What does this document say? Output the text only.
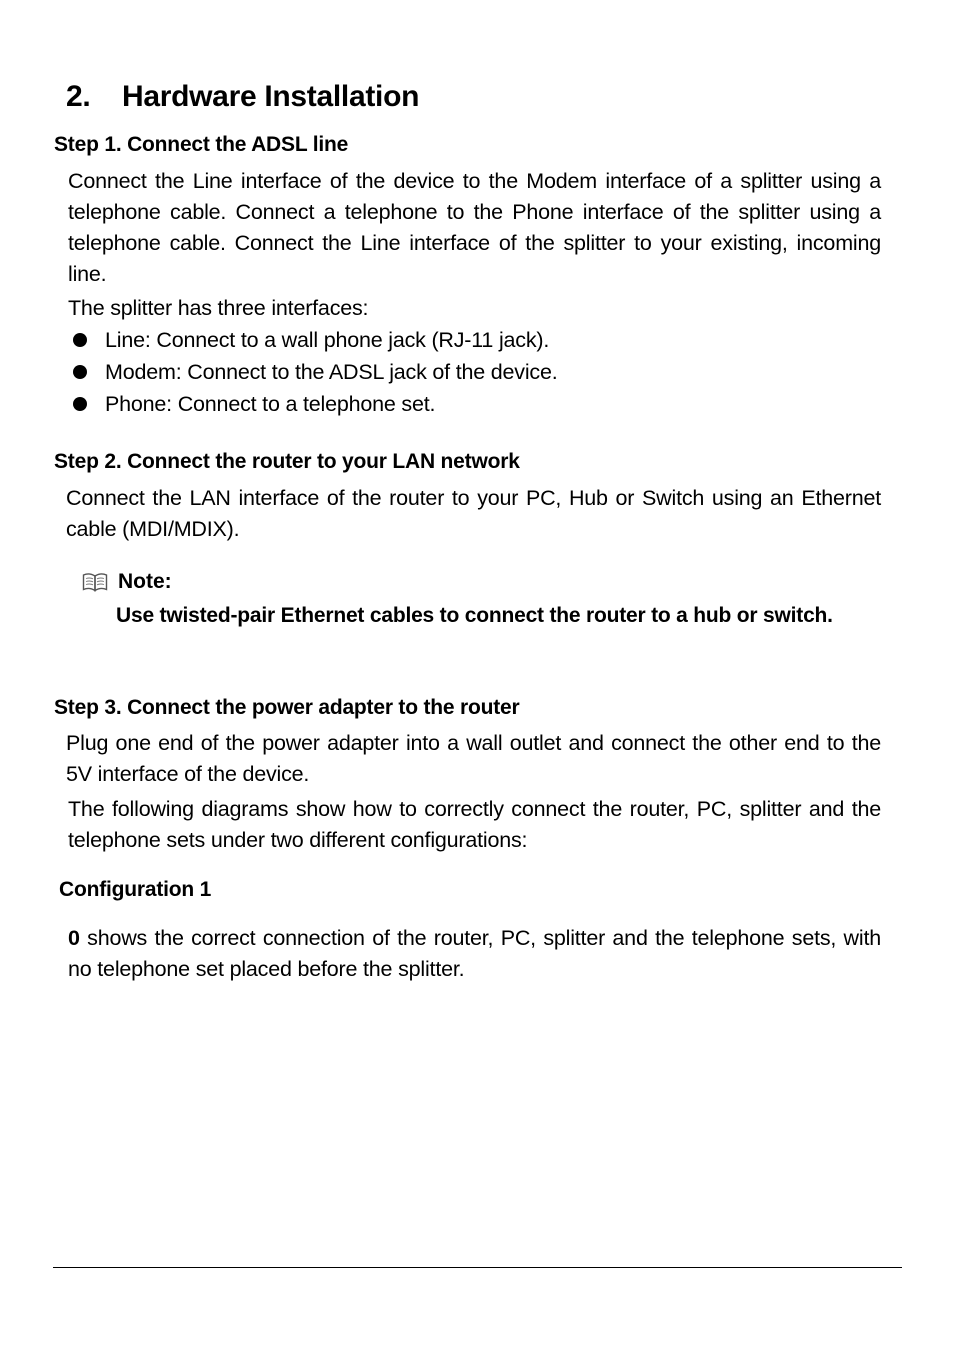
2. Hardware Installation
Step 1. Connect the ADSL line

Connect the Line interface of the device to the Modem interface of a splitter using a telephone cable. Connect a telephone to the Phone interface of the splitter using a telephone cable. Connect the Line interface of the splitter to your existing, incoming line.

The splitter has three interfaces:

Line: Connect to a wall phone jack (RJ-11 jack).
Modem: Connect to the ADSL jack of the device.
Phone: Connect to a telephone set.
Step 2. Connect the router to your LAN network

Connect the LAN interface of the router to your PC, Hub or Switch using an Ethernet cable (MDI/MDIX).

Note:
Use twisted-pair Ethernet cables to connect the router to a hub or switch.
Step 3. Connect the power adapter to the router

Plug one end of the power adapter into a wall outlet and connect the other end to the 5V interface of the device.

The following diagrams show how to correctly connect the router, PC, splitter and the telephone sets under two different configurations:

Configuration 1

0 shows the correct connection of the router, PC, splitter and the telephone sets, with no telephone set placed before the splitter.
